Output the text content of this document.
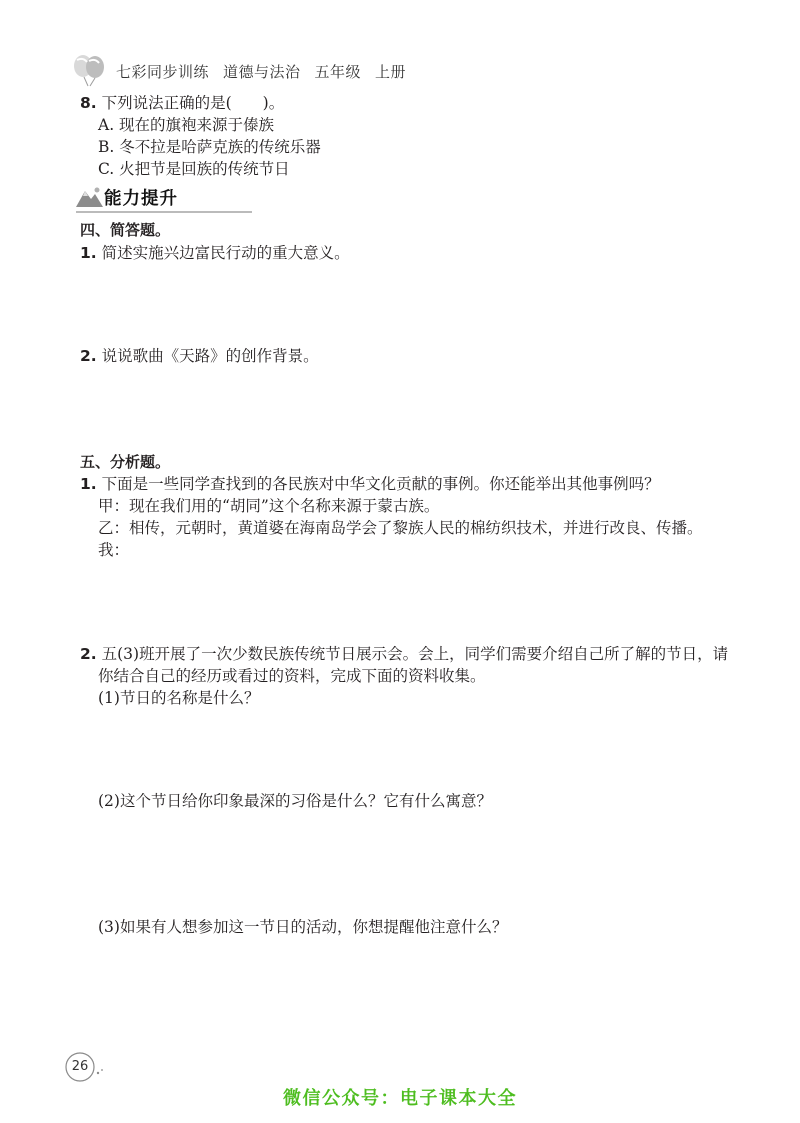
七彩同步训练 道德与法治 五年级 上册
8. 下列说法正确的是(　　)。
A. 现在的旗袍来源于傣族
B. 冬不拉是哈萨克族的传统乐器
C. 火把节是回族的传统节日
能力提升
四、简答题。
1. 简述实施兴边富民行动的重大意义。
2. 说说歌曲《天路》的创作背景。
五、分析题。
1. 下面是一些同学查找到的各民族对中华文化贡献的事例。你还能举出其他事例吗？
甲：现在我们用的“胡同”这个名称来源于蒙古族。
乙：相传，元朝时，黄道婆在海南岛学会了黎族人民的棉纺织技术，并进行改良、传播。
我：
2. 五(3)班开展了一次少数民族传统节日展示会。会上，同学们需要介绍自己所了解的节日，请
你结合自己的经历或看过的资料，完成下面的资料收集。
(1)节日的名称是什么？
(2)这个节日给你印象最深的习俗是什么？它有什么寓意？
(3)如果有人想参加这一节日的活动，你想提醒他注意什么？
26
微信公众号：电子课本大全
